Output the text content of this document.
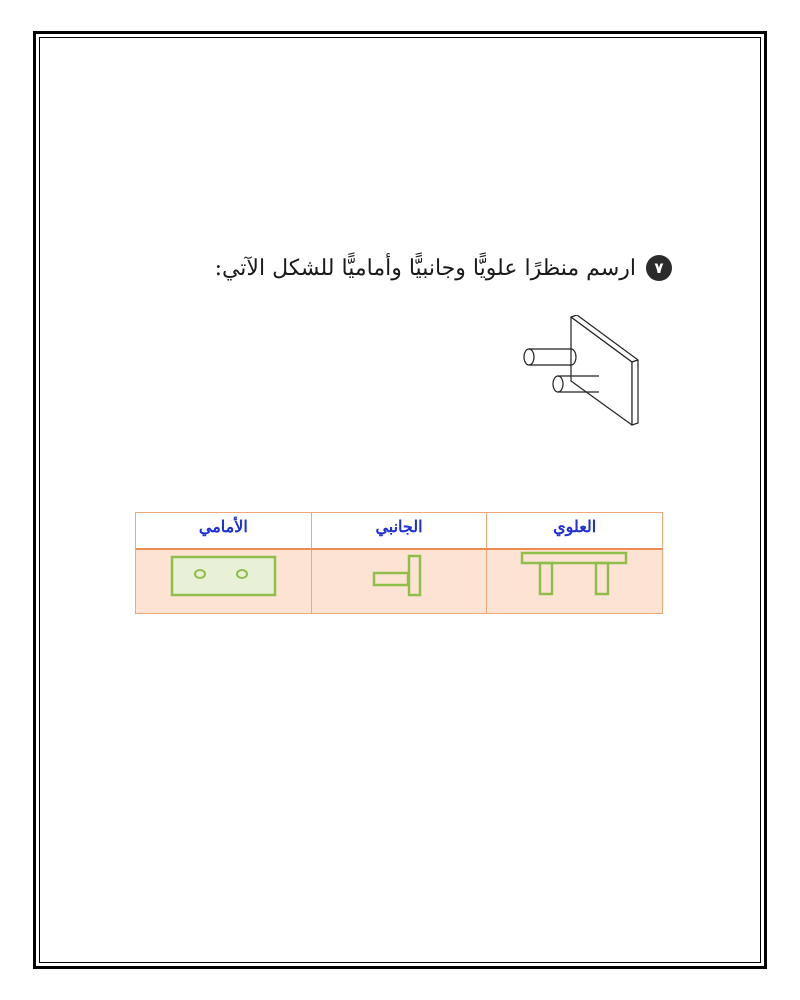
٧
ارسم منظرًا علويًّا وجانبيًّا وأماميًّا للشكل الآتي:
الأمامي	الجانبي	العلوي
